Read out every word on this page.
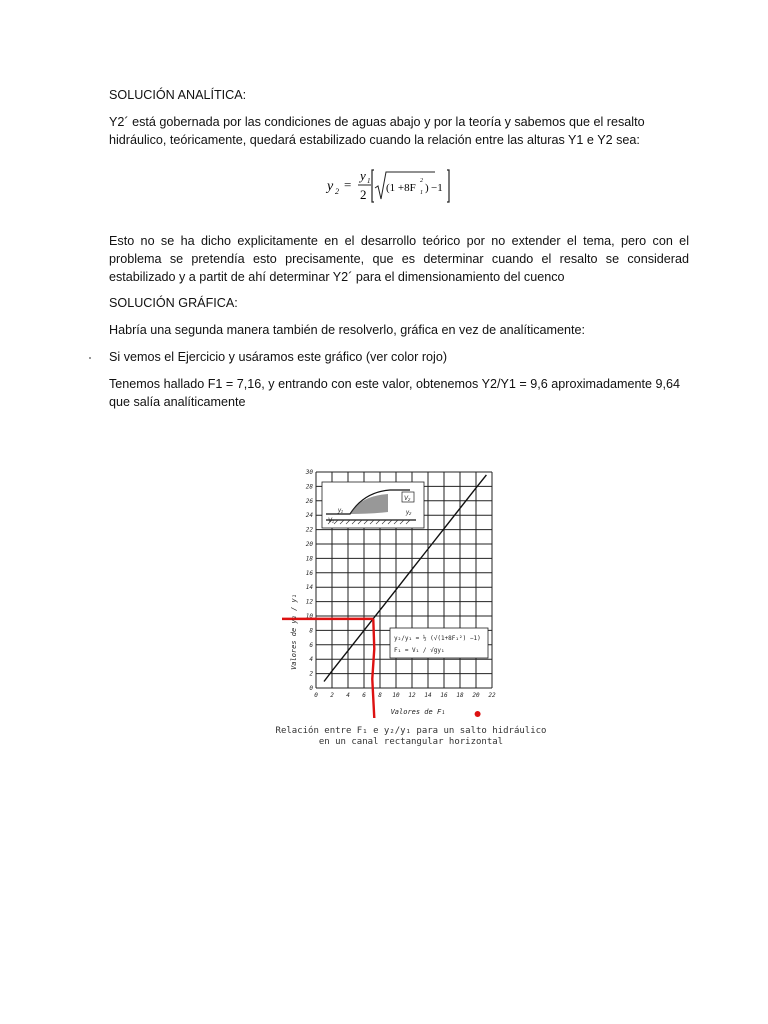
SOLUCIÓN ANALÍTICA:
Y2´ está gobernada por las condiciones de aguas abajo y por la teoría y sabemos que el resalto hidráulico, teóricamente, quedará estabilizado cuando la relación entre las alturas Y1 e Y2 sea:
y 2 =
y 1
2 (1 +8F 1
2
) −1
Esto no se ha dicho explicitamente en el desarrollo teórico por no extender el tema, pero con el problema se pretendía esto precisamente, que es determinar cuando el resalto se considerad estabilizado y a partit de ahí determinar Y2´ para el dimensionamiento del cuenco
SOLUCIÓN GRÁFICA:
Habría una segunda manera también de resolverlo, gráfica en vez de analíticamente:
Si vemos el Ejercicio y usáramos este gráfico (ver color rojo)
Tenemos hallado F1 = 7,16, y entrando con este valor, obtenemos Y2/Y1 = 9,6 aproximadamente 9,64 que salía analíticamente
0 2 4 6 8 10 12 14 16 18 20 22
0
2
4
6
8
10
12
14
16
18
20
22
24
26
28
30
y₁
V₁
V₂
y₂
y₂/y₁ = ½ (√(1+8F₁²) −1)
F₁ = V₁ / √gy₁
Valores de y₂ / y₁
Valores de F₁
Relación entre F₁ e y₂/y₁ para un salto hidráulico
en un canal rectangular horizontal
